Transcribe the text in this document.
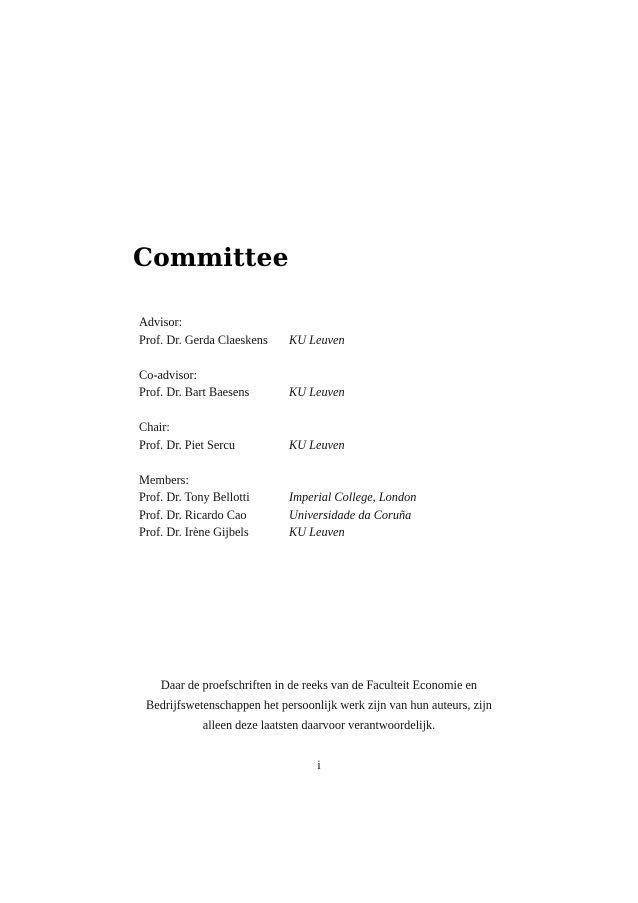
Committee
Advisor:
Prof. Dr. Gerda Claeskens	KU Leuven
Co-advisor:
Prof. Dr. Bart Baesens	KU Leuven
Chair:
Prof. Dr. Piet Sercu	KU Leuven
Members:
Prof. Dr. Tony Bellotti	Imperial College, London
Prof. Dr. Ricardo Cao	Universidade da Coruña
Prof. Dr. Irène Gijbels	KU Leuven

Daar de proefschriften in de reeks van de Faculteit Economie en Bedrijfswetenschappen het persoonlijk werk zijn van hun auteurs, zijn alleen deze laatsten daarvoor verantwoordelijk.

i
